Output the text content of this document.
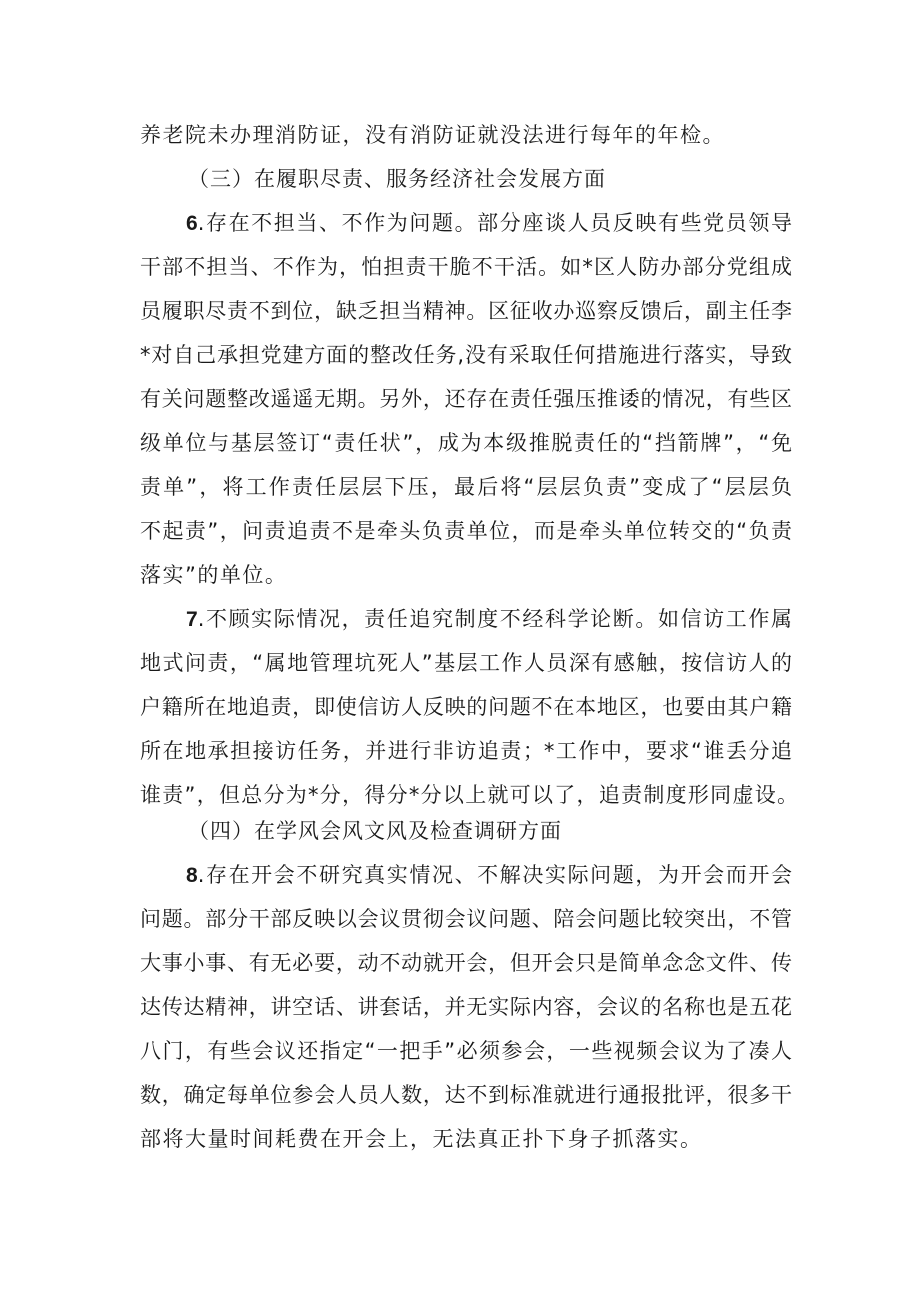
养老院未办理消防证，没有消防证就没法进行每年的年检。
（三）在履职尽责、服务经济社会发展方面
6.存在不担当、不作为问题。部分座谈人员反映有些党员领导
干部不担当、不作为，怕担责干脆不干活。如*区人防办部分党组成
员履职尽责不到位，缺乏担当精神。区征收办巡察反馈后，副主任李
*对自己承担党建方面的整改任务,没有采取任何措施进行落实，导致
有关问题整改遥遥无期。另外，还存在责任强压推诿的情况，有些区
级单位与基层签订“责任状”，成为本级推脱责任的“挡箭牌”，“免
责单”，将工作责任层层下压，最后将“层层负责”变成了“层层负
不起责”，问责追责不是牵头负责单位，而是牵头单位转交的“负责
落实”的单位。
7.不顾实际情况，责任追究制度不经科学论断。如信访工作属
地式问责，“属地管理坑死人”基层工作人员深有感触，按信访人的
户籍所在地追责，即使信访人反映的问题不在本地区，也要由其户籍
所在地承担接访任务，并进行非访追责；*工作中，要求“谁丢分追
谁责”，但总分为*分，得分*分以上就可以了，追责制度形同虚设。
（四）在学风会风文风及检查调研方面
8.存在开会不研究真实情况、不解决实际问题，为开会而开会
问题。部分干部反映以会议贯彻会议问题、陪会问题比较突出，不管
大事小事、有无必要，动不动就开会，但开会只是简单念念文件、传
达传达精神，讲空话、讲套话，并无实际内容，会议的名称也是五花
八门，有些会议还指定“一把手”必须参会，一些视频会议为了凑人
数，确定每单位参会人员人数，达不到标准就进行通报批评，很多干
部将大量时间耗费在开会上，无法真正扑下身子抓落实。
